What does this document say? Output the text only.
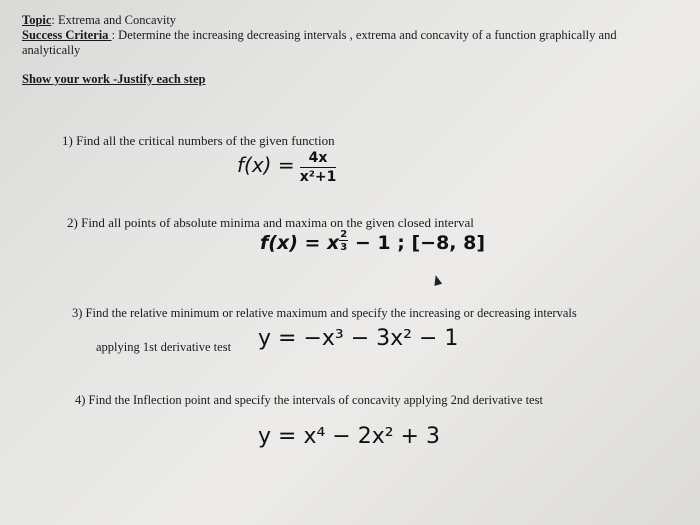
Topic: Extrema and Concavity
Success Criteria : Determine the increasing decreasing intervals , extrema and concavity of a function graphically and
analytically
Show your work -Justify each step
1) Find all the critical numbers of the given function
$f(x) = \frac{4x}{\text{x²+1}}$
2) Find all points of absolute minima and maxima on the given closed interval
f(x) = x $\frac{2}{3} - 1$ ; [−8, 8]
3) Find the relative minimum or relative maximum and specify the increasing or decreasing intervals
applying 1st derivative test y = −x³ − 3x² − 1
4) Find the Inflection point and specify the intervals of concavity applying 2nd derivative test
y = x⁴ − 2x² + 3
